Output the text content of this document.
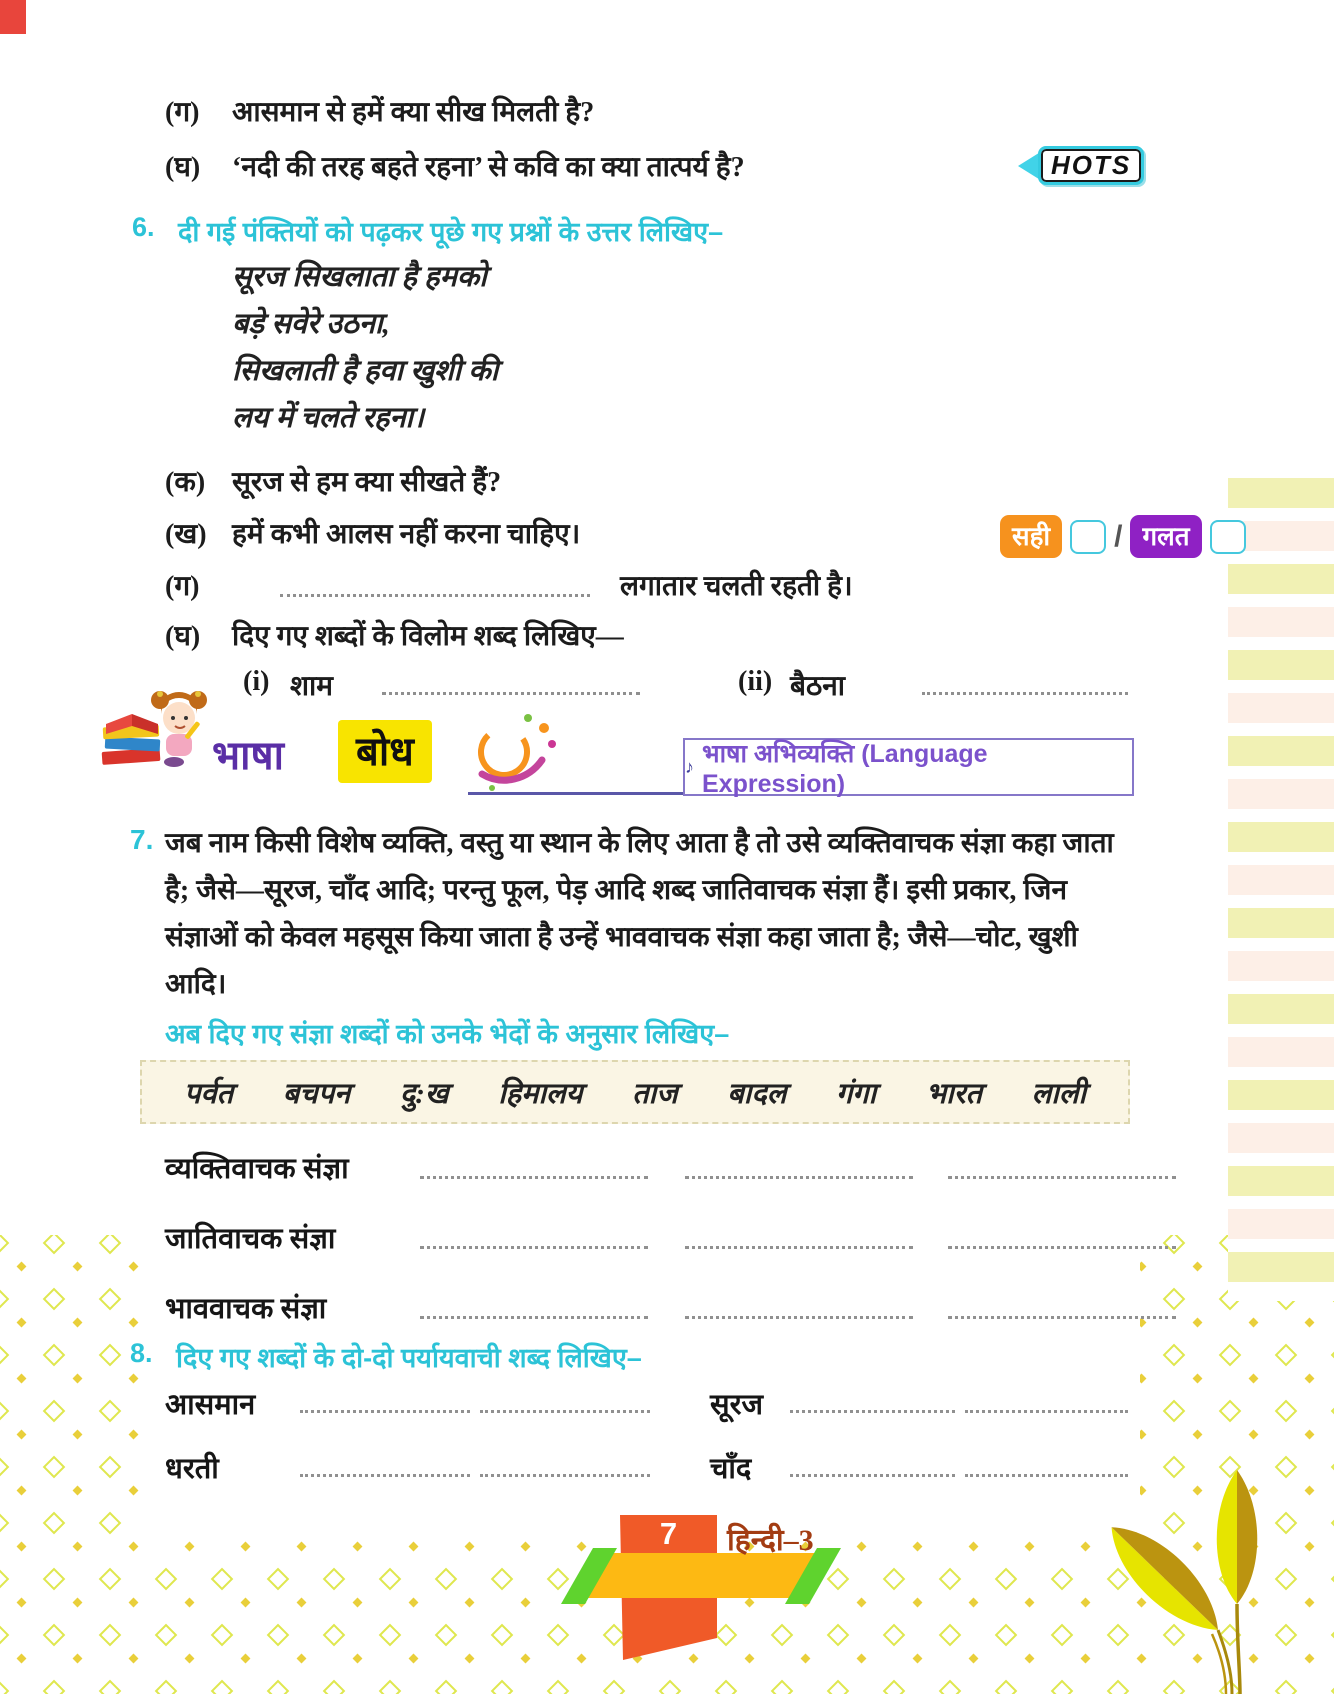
(ग) आसमान से हमें क्या सीख मिलती है?
(घ) ‘नदी की तरह बहते रहना’ से कवि का क्या तात्पर्य है?	HOTS
6. दी गई पंक्तियों को पढ़कर पूछे गए प्रश्नों के उत्तर लिखिए–
सूरज सिखलाता है हमको
बड़े सवेरे उठना,
सिखलाती है हवा खुशी की
लय में चलते रहना।
(क) सूरज से हम क्या सीखते हैं?
(ख) हमें कभी आलस नहीं करना चाहिए।	सही	/ गलत
(ग)	लगातार चलती रहती है।
(घ) दिए गए शब्दों के विलोम शब्द लिखिए—
(i) शाम	(ii) बैठना
भाषा	बोध	♪ भाषा अभिव्यक्ति (Language Expression)
7. जब नाम किसी विशेष व्यक्ति, वस्तु या स्थान के लिए आता है तो उसे व्यक्तिवाचक संज्ञा कहा जाता है; जैसे—सूरज, चाँद आदि; परन्तु फूल, पेड़ आदि शब्द जातिवाचक संज्ञा हैं। इसी प्रकार, जिन संज्ञाओं को केवल महसूस किया जाता है उन्हें भाववाचक संज्ञा कहा जाता है; जैसे—चोट, खुशी आदि।
अब दिए गए संज्ञा शब्दों को उनके भेदों के अनुसार लिखिए–
पर्वत बचपन दु:ख हिमालय ताज बादल गंगा भारत लाली
व्यक्तिवाचक संज्ञा
जातिवाचक संज्ञा
भाववाचक संज्ञा
8. दिए गए शब्दों के दो-दो पर्यायवाची शब्द लिखिए–
आसमान	सूरज
धरती	चाँद
7	हिन्दी–3
